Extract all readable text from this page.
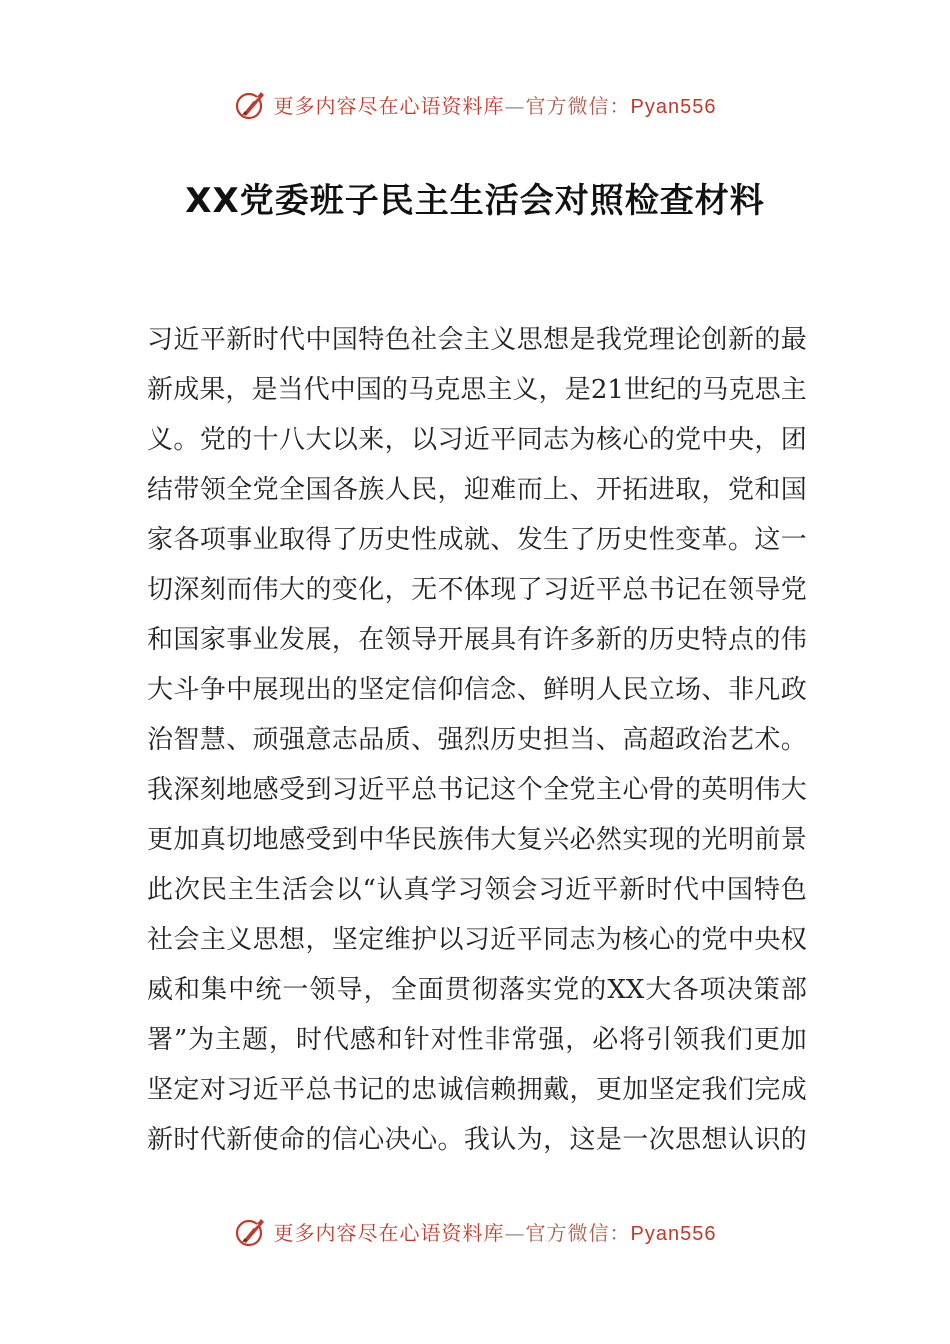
更多内容尽在心语资料库—官方微信：Pyan556
XX党委班子民主生活会对照检查材料
习 近 平 新 时 代 中 国 特 色 社 会 主 义 思 想 是 我 党 理 论 创 新 的 最
新 成 果 ， 是 当 代 中 国 的 马 克 思 主 义 ， 是 21 世 纪 的 马 克 思 主
义 。 党 的 十 八 大 以 来 ， 以 习 近 平 同 志 为 核 心 的 党 中 央 ， 团
结 带 领 全 党 全 国 各 族 人 民 ， 迎 难 而 上 、 开 拓 进 取 ， 党 和 国
家 各 项 事 业 取 得 了 历 史 性 成 就 、 发 生 了 历 史 性 变 革 。 这 一
切 深 刻 而 伟 大 的 变 化 ， 无 不 体 现 了 习 近 平 总 书 记 在 领 导 党
和 国 家 事 业 发 展 ， 在 领 导 开 展 具 有 许 多 新 的 历 史 特 点 的 伟
大 斗 争 中 展 现 出 的 坚 定 信 仰 信 念 、 鲜 明 人 民 立 场 、 非 凡 政
治 智 慧 、 顽 强 意 志 品 质 、 强 烈 历 史 担 当 、 高 超 政 治 艺 术 。
我 深 刻 地 感 受 到 习 近 平 总 书 记 这 个 全 党 主 心 骨 的 英 明 伟 大
更 加 真 切 地 感 受 到 中 华 民 族 伟 大 复 兴 必 然 实 现 的 光 明 前 景
此 次 民 主 生 活 会 以 “ 认 真 学 习 领 会 习 近 平 新 时 代 中 国 特 色
社 会 主 义 思 想 ， 坚 定 维 护 以 习 近 平 同 志 为 核 心 的 党 中 央 权
威 和 集 中 统 一 领 导 ， 全 面 贯 彻 落 实 党 的 XX 大 各 项 决 策 部
署 ” 为 主 题 ， 时 代 感 和 针 对 性 非 常 强 ， 必 将 引 领 我 们 更 加
坚 定 对 习 近 平 总 书 记 的 忠 诚 信 赖 拥 戴 ， 更 加 坚 定 我 们 完 成
新 时 代 新 使 命 的 信 心 决 心 。 我 认 为 ， 这 是 一 次 思 想 认 识 的
更多内容尽在心语资料库—官方微信：Pyan556
